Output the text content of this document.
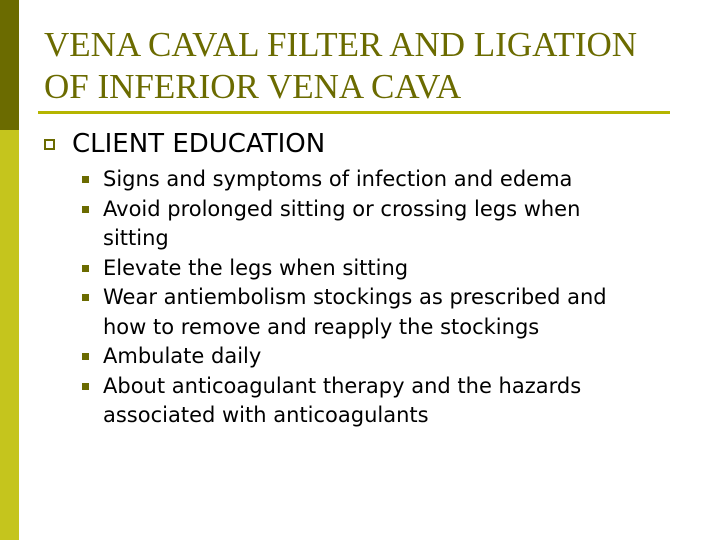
VENA CAVAL FILTER AND LIGATION
OF INFERIOR VENA CAVA
CLIENT EDUCATION
Signs and symptoms of infection and edema
Avoid prolonged sitting or crossing legs when
sitting
Elevate the legs when sitting
Wear antiembolism stockings as prescribed and
how to remove and reapply the stockings
Ambulate daily
About anticoagulant therapy and the hazards
associated with anticoagulants
